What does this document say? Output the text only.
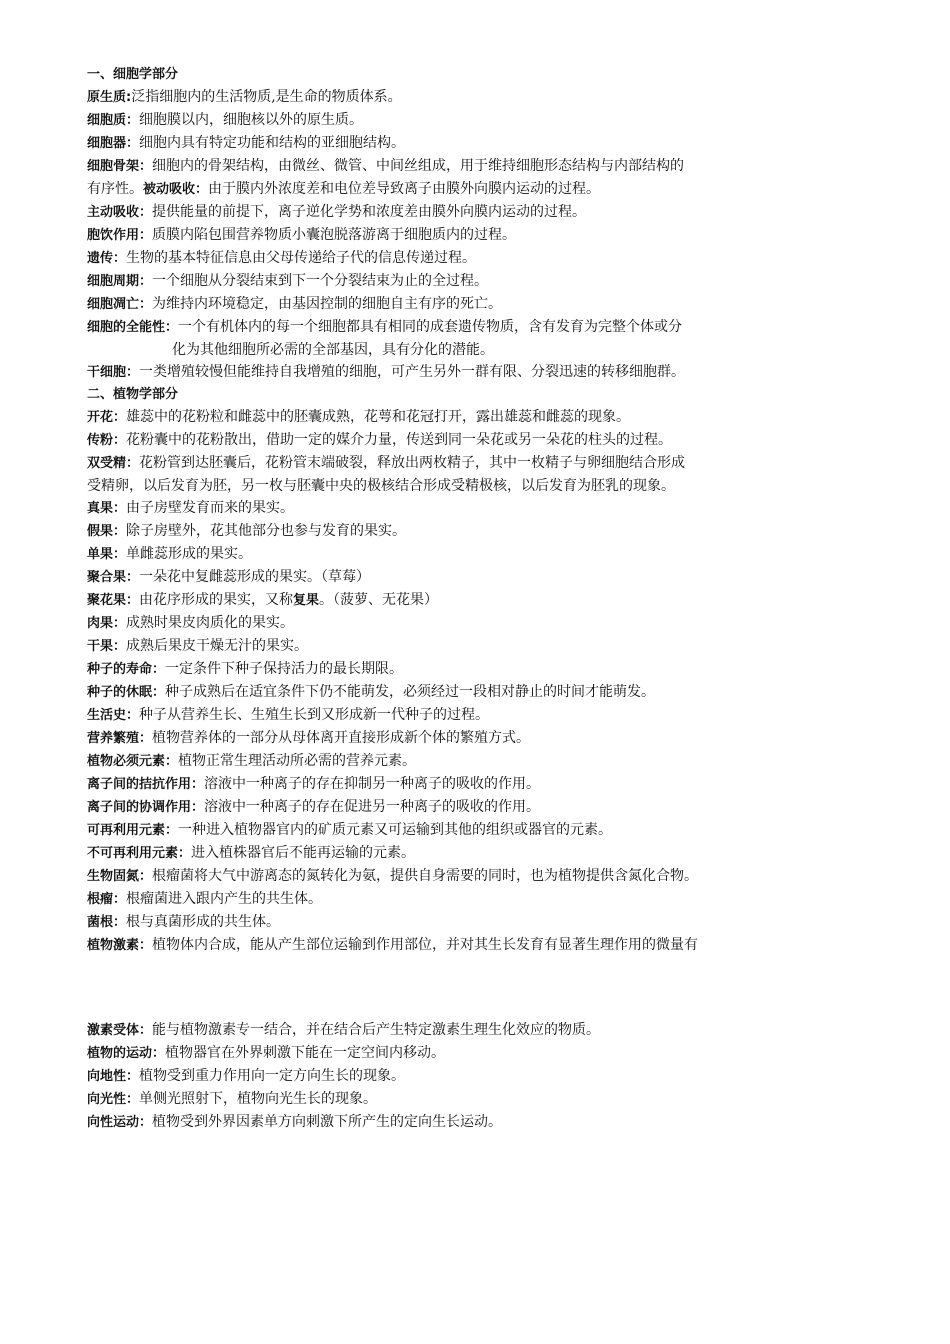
一、细胞学部分
原生质:泛指细胞内的生活物质,是生命的物质体系。
细胞质：细胞膜以内，细胞核以外的原生质。
细胞器：细胞内具有特定功能和结构的亚细胞结构。
细胞骨架：细胞内的骨架结构，由微丝、微管、中间丝组成，用于维持细胞形态结构与内部结构的
有序性。被动吸收：由于膜内外浓度差和电位差导致离子由膜外向膜内运动的过程。
主动吸收：提供能量的前提下，离子逆化学势和浓度差由膜外向膜内运动的过程。
胞饮作用：质膜内陷包围营养物质小囊泡脱落游离于细胞质内的过程。
遗传：生物的基本特征信息由父母传递给子代的信息传递过程。
细胞周期：一个细胞从分裂结束到下一个分裂结束为止的全过程。
细胞凋亡：为维持内环境稳定，由基因控制的细胞自主有序的死亡。
细胞的全能性：一个有机体内的每一个细胞都具有相同的成套遗传物质，含有发育为完整个体或分
化为其他细胞所必需的全部基因，具有分化的潜能。
干细胞：一类增殖较慢但能维持自我增殖的细胞，可产生另外一群有限、分裂迅速的转移细胞群。
二、植物学部分
开花：雄蕊中的花粉粒和雌蕊中的胚囊成熟，花萼和花冠打开，露出雄蕊和雌蕊的现象。
传粉：花粉囊中的花粉散出，借助一定的媒介力量，传送到同一朵花或另一朵花的柱头的过程。
双受精：花粉管到达胚囊后，花粉管末端破裂，释放出两枚精子，其中一枚精子与卵细胞结合形成
受精卵，以后发育为胚，另一枚与胚囊中央的极核结合形成受精极核，以后发育为胚乳的现象。
真果：由子房壁发育而来的果实。
假果：除子房壁外，花其他部分也参与发育的果实。
单果：单雌蕊形成的果实。
聚合果：一朵花中复雌蕊形成的果实。（草莓）
聚花果：由花序形成的果实，又称复果。（菠萝、无花果）
肉果：成熟时果皮肉质化的果实。
干果：成熟后果皮干燥无汁的果实。
种子的寿命：一定条件下种子保持活力的最长期限。
种子的休眠：种子成熟后在适宜条件下仍不能萌发，必须经过一段相对静止的时间才能萌发。
生活史：种子从营养生长、生殖生长到又形成新一代种子的过程。
营养繁殖：植物营养体的一部分从母体离开直接形成新个体的繁殖方式。
植物必须元素：植物正常生理活动所必需的营养元素。
离子间的拮抗作用：溶液中一种离子的存在抑制另一种离子的吸收的作用。
离子间的协调作用：溶液中一种离子的存在促进另一种离子的吸收的作用。
可再利用元素：一种进入植物器官内的矿质元素又可运输到其他的组织或器官的元素。
不可再利用元素：进入植株器官后不能再运输的元素。
生物固氮：根瘤菌将大气中游离态的氮转化为氨，提供自身需要的同时，也为植物提供含氮化合物。
根瘤：根瘤菌进入跟内产生的共生体。
菌根：根与真菌形成的共生体。
植物激素：植物体内合成，能从产生部位运输到作用部位，并对其生长发育有显著生理作用的微量有
激素受体：能与植物激素专一结合，并在结合后产生特定激素生理生化效应的物质。
植物的运动：植物器官在外界刺激下能在一定空间内移动。
向地性：植物受到重力作用向一定方向生长的现象。
向光性：单侧光照射下，植物向光生长的现象。
向性运动：植物受到外界因素单方向刺激下所产生的定向生长运动。
